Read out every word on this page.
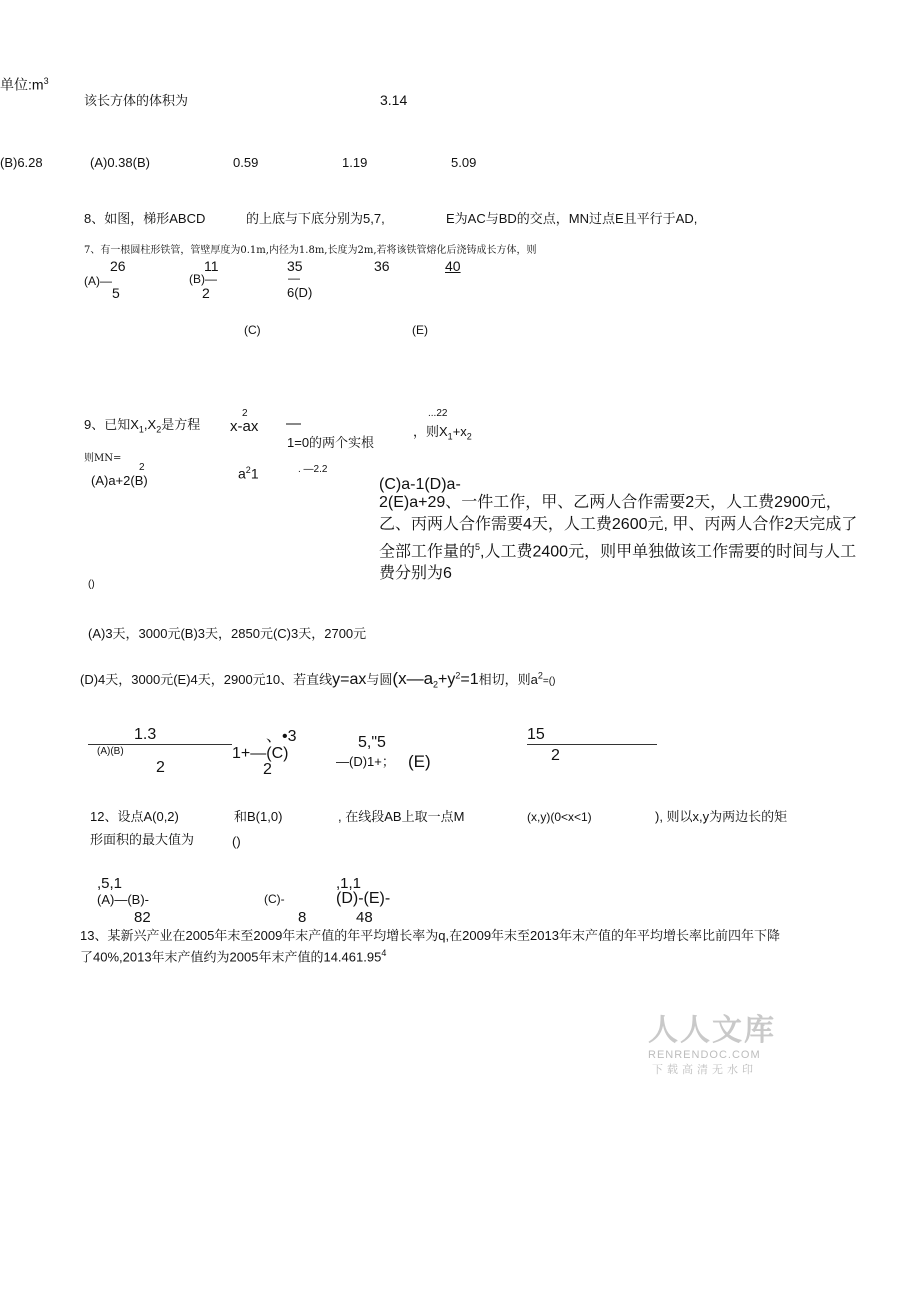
单位$:m^3$
该长方体的体积为	3.14
(B)6.28	(A)0.38(B)	0.59	1.19	5.09
8、如图，梯形ABCD	的上底与下底分别为5,7,	E为AC与BD的交点，MN过点E且平行于AD,
7、有一根圆柱形铁管，管壁厚度为0.1m,内径为1.8m,长度为2m,若将该铁管熔化后浇铸成长方体，则
26	11	35	36	40
(A)—	(B)—	—
5	2	6(D)
(C)	(E)
9、已知$X_1,X_2$是方程
2
x-ax —
1=0的两个实根
...22
，则$X_1+x_2$
则MN=
2
(A)a+2(B)	$a^21$	. —2.2
()
(C)a-1(D)a-
2(E)a+29、一件工作，甲、乙两人合作需要2天，人工费2900元，乙、丙两人合作需要4天，人工费2600元, 甲、丙两人合作2天完成了全部工作量的$^5$,人工费2400元，则甲单独做该工作需要的时间与人工费分别为6
(A)3天，3000元(B)3天，2850元(C)3天，2700元
(D)4天，3000元(E)4天，2900元10、若直线y=ax与圆($x—a_2+y^2=1$相切，则$a^2=()$
1.3
(A)(B)
2
、•3
1+—(C)
2
5,"5
—(D)1+； (E)
15
2
12、设点A(0,2)	和B(1,0)	, 在线段AB上取一点M	(x,y)(0<x<1)	), 则以x,y为两边长的矩
形面积的最大值为	()
,5,1
(A)—(B)-
82
(C)-
8
,1,1
(D)-(E)-
48
13、某新兴产业在2005年末至2009年末产值的年平均增长率为q,在2009年末至2013年末产值的年平均增长率比前四年下降
了40%,2013年末产值约为2005年末产值的14.461.95$^4$
人人文库
RENRENDOC.COM
下载高清无水印
